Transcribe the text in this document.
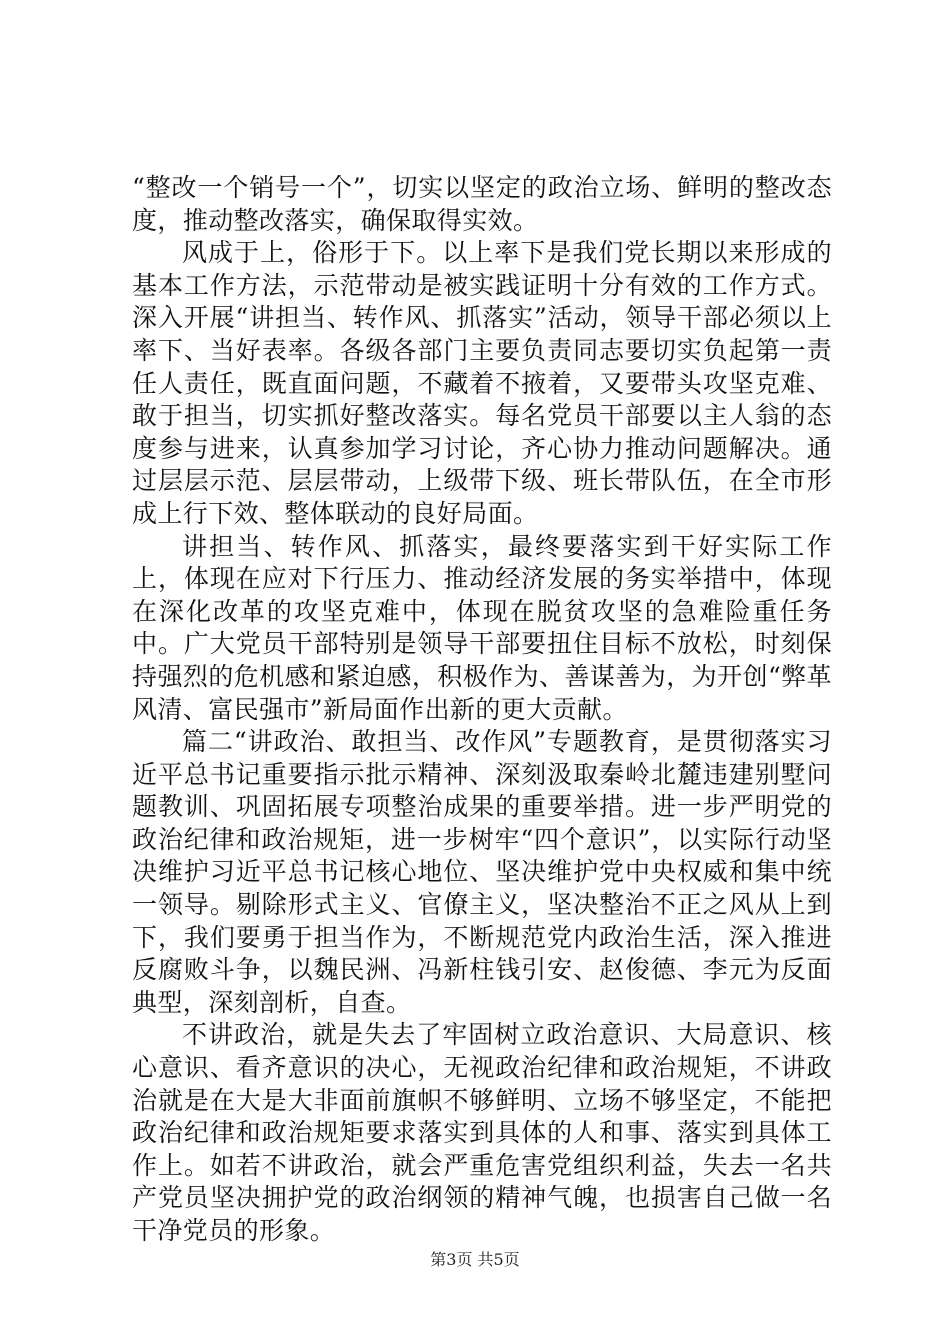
“整改一个销号一个”，切实以坚定的政治立场、鲜明的整改态度，推动整改落实，确保取得实效。

风成于上，俗形于下。以上率下是我们党长期以来形成的基本工作方法，示范带动是被实践证明十分有效的工作方式。深入开展“讲担当、转作风、抓落实”活动，领导干部必须以上率下、当好表率。各级各部门主要负责同志要切实负起第一责任人责任，既直面问题，不藏着不掖着，又要带头攻坚克难、敢于担当，切实抓好整改落实。每名党员干部要以主人翁的态度参与进来，认真参加学习讨论，齐心协力推动问题解决。通过层层示范、层层带动，上级带下级、班长带队伍，在全市形成上行下效、整体联动的良好局面。

讲担当、转作风、抓落实，最终要落实到干好实际工作上，体现在应对下行压力、推动经济发展的务实举措中，体现在深化改革的攻坚克难中，体现在脱贫攻坚的急难险重任务中。广大党员干部特别是领导干部要扭住目标不放松，时刻保持强烈的危机感和紧迫感，积极作为、善谋善为，为开创“弊革风清、富民强市”新局面作出新的更大贡献。

篇二“讲政治、敢担当、改作风”专题教育，是贯彻落实习近平总书记重要指示批示精神、深刻汲取秦岭北麓违建别墅问题教训、巩固拓展专项整治成果的重要举措。进一步严明党的政治纪律和政治规矩，进一步树牢“四个意识”，以实际行动坚决维护习近平总书记核心地位、坚决维护党中央权威和集中统一领导。剔除形式主义、官僚主义，坚决整治不正之风从上到下，我们要勇于担当作为，不断规范党内政治生活，深入推进反腐败斗争，以魏民洲、冯新柱钱引安、赵俊德、李元为反面典型，深刻剖析，自查。

不讲政治，就是失去了牢固树立政治意识、大局意识、核心意识、看齐意识的决心，无视政治纪律和政治规矩，不讲政治就是在大是大非面前旗帜不够鲜明、立场不够坚定，不能把政治纪律和政治规矩要求落实到具体的人和事、落实到具体工作上。如若不讲政治，就会严重危害党组织利益，失去一名共产党员坚决拥护党的政治纲领的精神气魄，也损害自己做一名干净党员的形象。

第3页 共5页
